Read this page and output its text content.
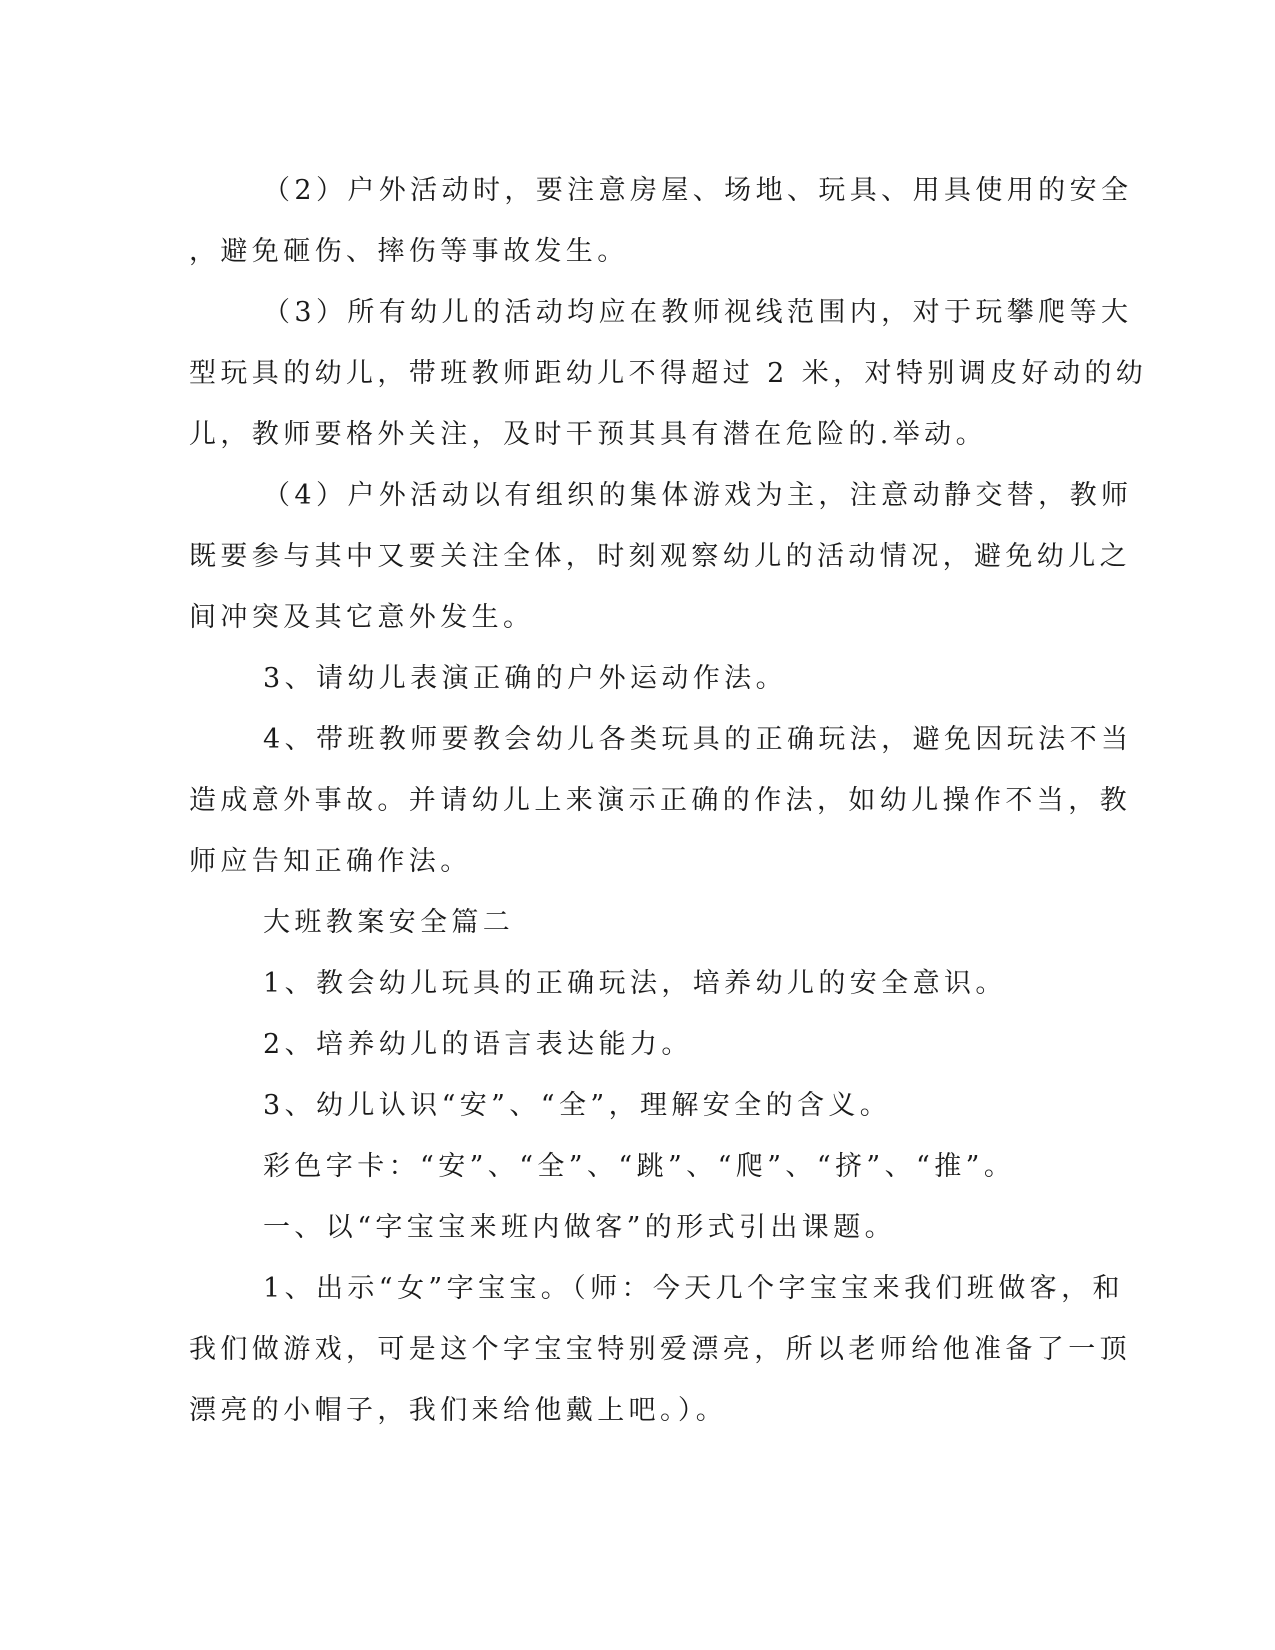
（2）户外活动时，要注意房屋、场地、玩具、用具使用的安全
，避免砸伤、摔伤等事故发生。
（3）所有幼儿的活动均应在教师视线范围内，对于玩攀爬等大
型玩具的幼儿，带班教师距幼儿不得超过 2 米，对特别调皮好动的幼
儿，教师要格外关注，及时干预其具有潜在危险的.举动。
（4）户外活动以有组织的集体游戏为主，注意动静交替，教师
既要参与其中又要关注全体，时刻观察幼儿的活动情况，避免幼儿之
间冲突及其它意外发生。
3、请幼儿表演正确的户外运动作法。
4、带班教师要教会幼儿各类玩具的正确玩法，避免因玩法不当
造成意外事故。并请幼儿上来演示正确的作法，如幼儿操作不当，教
师应告知正确作法。
大班教案安全篇二
1、教会幼儿玩具的正确玩法，培养幼儿的安全意识。
2、培养幼儿的语言表达能力。
3、幼儿认识“安”、“全”，理解安全的含义。
彩色字卡：“安”、“全”、“跳”、“爬”、“挤”、“推”。
一、以“字宝宝来班内做客”的形式引出课题。
1、出示“女”字宝宝。（师：今天几个字宝宝来我们班做客，和
我们做游戏，可是这个字宝宝特别爱漂亮，所以老师给他准备了一顶
漂亮的小帽子，我们来给他戴上吧。）。
